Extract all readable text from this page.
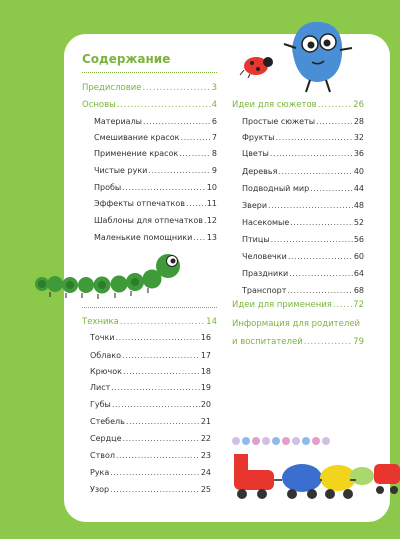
Содержание
Предисловие . . .	3
Основы . . .	4
Материалы . . .	6
Смешивание красок . . .	7
Применение красок . . .	8
Чистые руки . . .	9
Пробы . . .	10
Эффекты отпечатков . . .	11
Шаблоны для отпечатков . . . 12
Маленькие помощники . . . 13
Техника . . .	14
Точки . . .	16
Облако . . .	17
Крючок . . .	18
Лист . . .	19
Губы . . .	20
Стебель . . .	21
Сердце . . .	22
Ствол . . .	23
Рука . . .	24
Узор . . .	25
Идеи для сюжетов . . .	26
Простые сюжеты . . .	28
Фрукты . . .	32
Цветы . . .	36
Деревья . . .	40
Подводный мир . . .	44
Звери . . .	48
Насекомые . . .	52
Птицы . . .	56
Человечки . . .	60
Праздники . . .	64
Транспорт . . .	68
Идеи для применения . . .	72
Информация для родителей
и воспитателей . . .	79
